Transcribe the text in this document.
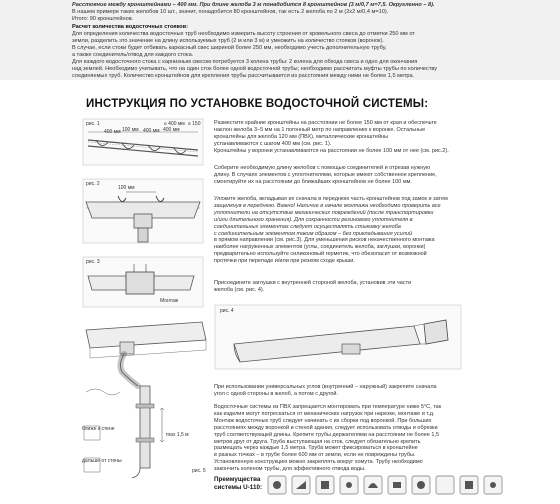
Расстояние между кронштейнами – 400 мм. При длине желоба 3 м понадобится 8 кронштейнов (3 м/0,7 м=7,5. Округленно – 8).
В нашем примере таких желобов 10 шт., значит, понадобится 80 кронштейнов, так есть 2 желоба по 2 м (2х2 м/0,4 м=10).
Итого: 90 кронштейнов.
Расчет количества водосточных стояков:
Для определения количества водосточных труб необходимо измерить высоту строения от кровельного свеса до отметки 250 мм от
земли, разделить это значение на длину используемых труб (2 м или 3 м) и умножить на количество стояков (воронок).
В случае, если стоки будет отбивать каркасный свес шириной более 250 мм, необходимо учесть дополнительную трубу,
а также соединитель/отвод для каждого стока.
Для каждого водосточного стока с карнизным свесом потребуется 3 колена трубы: 2 колена для обхода свеса и одно для окончания
над землей. Необходимо учитывать, что на один сток более одной водосточной трубы; необходимо рассчитать муфты трубы по количеству
соединяемых труб. Количество кронштейнов для крепления трубы рассчитывается из расстояния между ними не более 1,5 метра.
ИНСТРУКЦИЯ ПО УСТАНОВКЕ ВОДОСТОЧНОЙ СИСТЕМЫ:
рис. 1
400 мм 100 мм 400 мм 400 мм
≤ 400 мм ≤ 150
рис. 2
100 мм
рис. 3
Монтаж
ближе к стене
дальше от стены
max 1,5 м
рис. 5
Разместите крайние кронштейны на расстоянии не более 150 мм от края и обеспечьте
наклон желоба 3–5 мм на 1 погонный метр по направлению к воронке. Остальные
кронштейны для желоба 120 мм (ПВХ), металлические кронштейны
устанавливаются с шагом 400 мм (см. рис. 1).
Кронштейны у воронки устанавливаются на расстоянии не более 100 мм от нее (см. рис.2).
Соберите необходимую длину желобов с помощью соединителей и отрезав нужную
длину. В случаях элементов с уплотнителями, которые имеют собственное крепление,
смонтируйте их на расстоянии до ближайших кронштейнов не более 100 мм.
Уложите желоба, вкладывая их сначала в переднюю часть кронштейнов под замок и затем
защелкнув в переднюю. Важно! Наличие в начале монтажа необходимо проверить все
уплотнители на отсутствие механических повреждений (после транспортировки
и/или длительного хранения). Для сохранности резинового уплотнителя в
соединительных элементах следует осуществлять стыковку желоба
с соединительным элементом таким образом – без прикладывания усилий
в прямом направлении (см. рис.3). Для уменьшения рисков некачественного монтажа
наиболее нагруженных элементов (углы, соединитель желоба, заглушки, воронки)
предварительно используйте силиконовый герметик, что обезопасит от возможной
протечки при перепаде и/или при резком сходе крыши.
Присоедините заглушки с внутренней стороной желоба, установив эти части
желоба (см. рис. 4).
рис. 4
При использовании универсальных углов (внутренний – наружный) закрепите сначала
угол с одной стороны в желоб, а потом с другой.
Водосточные системы из ПВХ запрещается монтировать при температуре ниже 5°С, так
как изделия могут потрескаться от механических нагрузок при нарезке, монтаже и т.д.
Монтаж водосточных труб следует начинать с их сборки под воронкой. При больших
расстояниях между воронкой и стеной здания, следует использовать отводы и обрезки
труб соответствующей длины. Крепите трубы держателями на расстоянии не более 1,5
метров друг от друга. Труба выступающая на сток, следует обязательно крепить
размещать через каждые 1,5 метра. Труба может фиксироваться в кронштейне
в разных точках – в трубе более 600 мм от земли, если не повреждены трубы.
Установленную конструкцию можно закреплять вокруг хомута. Трубу необходимо
закончить коленом трубы, для эффективного отвода воды.
Преимущества системы U-110:
